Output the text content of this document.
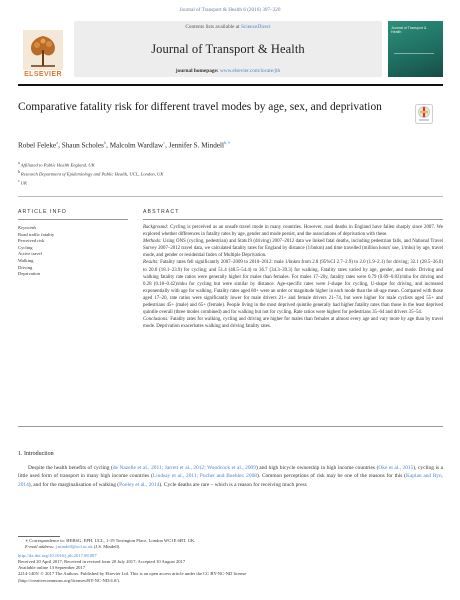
Journal of Transport & Health 6 (2016) 307–320
ELSEVIER
Contents lists available at ScienceDirect
Journal of Transport & Health
journal homepage: www.elsevier.com/locate/jth
Journal of Transport & Health
Comparative fatality risk for different travel modes by age, sex, and deprivation
Robel Feleke$^a$, Shaun Scholes$^b$, Malcolm Wardlaw$^c$, Jennifer S. Mindell$^{b,∗}$
$^a$Affiliated to Public Health England, UK
$^b$Research Department of Epidemiology and Public Health, UCL, London, UK
$^c$UK
ARTICLE INFO	ABSTRACT
Keywords
Road traffic fatality
Perceived risk
Cycling
Active travel
Walking
Driving
Deprivation

Background: Cycling is perceived as an unsafe travel mode in many countries. However, road deaths in England have fallen sharply since 2007. We explored whether differences in fatality rates by age, gender and mode persist, and the associations of deprivation with these.

Methods: Using ONS (cycling, pedestrian) and Stats19 (driving) 2007–2012 data we linked fatal deaths, including pedestrian falls, and National Travel Survey 2007–2012 travel data, we calculated fatality rates for England by distance (1/bnkm) and time travelled (million hours' use, 1/mhu) by age, travel mode, and gender or residential Index of Multiple Deprivation.

Results: Fatality rates fell significantly 2007–2009 to 2010–2012: male 1/bnkm from 2.8 (95%CI 2.7–2.9) to 2.0 (1.9–2.1) for driving; 32.1 (28.5–36.0) to 20.8 (18.1–23.9) for cycling; and 51.4 (48.5–54.4) to 36.7 (34.3–39.3) for walking. Fatality rates varied by age, gender, and mode. Driving and walking fatality rate ratios were generally higher for males than females. For males 17–20y, fatality rates were 0.79 (0.69–0.83)/mhu for driving and 0.28 (0.18–0.42)/mhu for cycling but were similar by distance. Age-specific rates were J-shape for cycling, U-shape for driving, and increased exponentially with age for walking. Fatality rates aged 80+ were an order or magnitude higher in each mode than the all-age mean. Compared with those aged 17–20, rate ratios were significantly lower for male drivers 21+ and female drivers 21–74, but were higher for male cyclists aged 55+ and pedestrians 45+ (male) and 65+ (female). People living in the most deprived quintile generally had higher fatality rates than those in the least deprived quintile overall (three modes combined) and for walking but not for cycling. Rate ratios were highest for pedestrians 35–64 and drivers 35–54.

Conclusions: Fatality rates for walking, cycling and driving are higher for males than females at almost every age and vary more by age than by travel mode. Deprivation exacerbates walking and driving fatality rates.

1. Introduction
Despite the health benefits of cycling (de Nazelle et al., 2011; Jarrett et al., 2012; Woodcock et al., 2009) and high bicycle ownership in high income countries (Oke et al., 2015), cycling is a little used form of transport in many high income countries (Lindsay et al., 2011; Pucher and Buehler, 2008). Common perceptions of risk may be one of the reasons for this (Kaplan and Ryn, 2014), and for the marginalisation of walking (Pooley et al., 2014). Cycle deaths are rare – which is a reason for receiving much press
∗ Correspondence to: HEBSG, EPH, UCL, 1-19 Torrington Place, London WC1E 6BT, UK.
E-mail address: j.mindell@ucl.ac.uk (J.S. Mindell).
http://dx.doi.org/10.1016/j.jth.2017.08.007
Received 20 April 2017; Received in revised form 20 July 2017; Accepted 10 August 2017
Available online 13 September 2017
2214-1405/ © 2017 The Authors. Published by Elsevier Ltd. This is an open access article under the CC BY-NC-ND license
(http://creativecommons.org/licenses/BY-NC-ND/4.0/).
